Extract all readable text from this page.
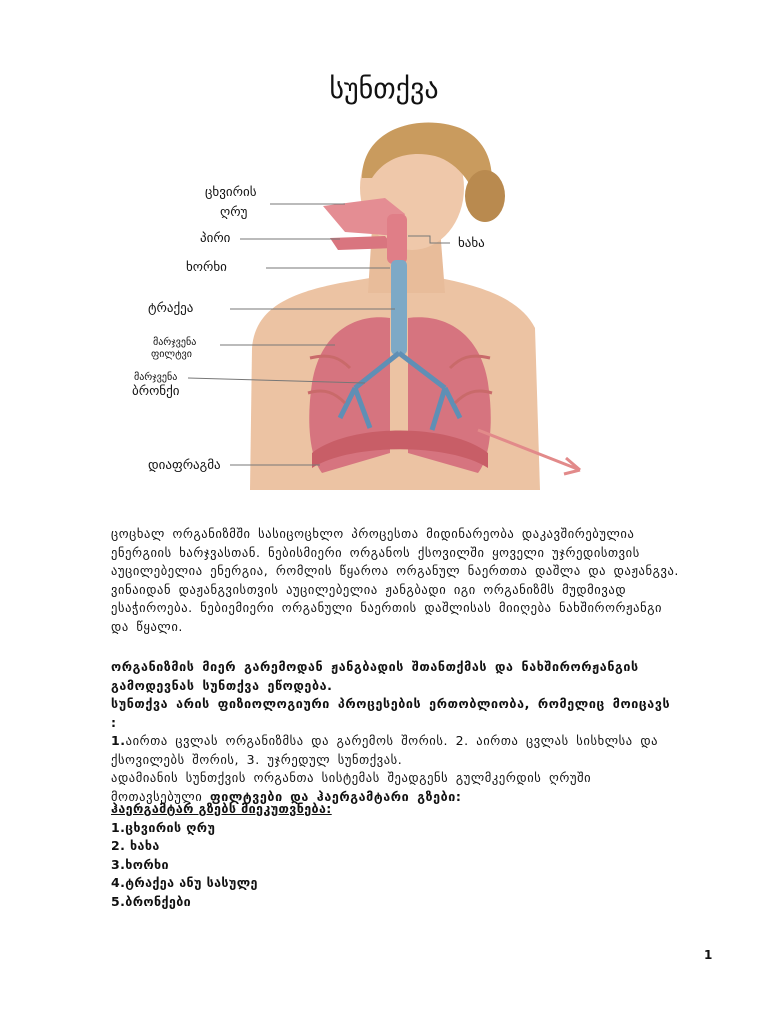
სუნთქვა
ცხვირის
ღრუ
პირი
ხორხი
ტრაქეა
ხახა
მარჯვენა
ფილტვი
მარჯვენა
ბრონქი
დიაფრაგმა
ცოცხალ ორგანიზმში სასიცოცხლო პროცესთა მიდინარეობა დაკავშირებულია ენერგიის ხარჯვასთან. ნებისმიერი ორგანოს ქსოვილში ყოველი უჯრედისთვის აუცილებელია ენერგია, რომლის წყაროა ორგანულ ნაერთთა დაშლა და დაჟანგვა. ვინაიდან დაჟანგვისთვის აუცილებელია ჟანგბადი იგი ორგანიზმს მუდმივად ესაჭიროება. ნებიემიერი ორგანული ნაერთის დაშლისას მიიღება ნახშირორჟანგი და წყალი.
ორგანიზმის მიერ გარემოდან ჟანგბადის შთანთქმას და ნახშირორჟანგის გამოდევნას სუნთქვა ეწოდება.
სუნთქვა არის ფიზიოლოგიური პროცესების ერთობლიობა, რომელიც მოიცავს :
1.აირთა ცვლას ორგანიზმსა და გარემოს შორის. 2. აირთა ცვლას სისხლსა და ქსოვილებს შორის, 3. უჯრედულ სუნთქვას.
ადამიანის სუნთქვის ორგანთა სისტემას შეადგენს გულმკერდის ღრუში მოთავსებული ფილტვები და ჰაერგამტარი გზები:
ჰაერგამტარ გზებს მიეკუთვნება:
1.ცხვირის ღრუ
2. ხახა
3.ხორხი
4.ტრაქეა ანუ სასულე
5.ბრონქები
1
